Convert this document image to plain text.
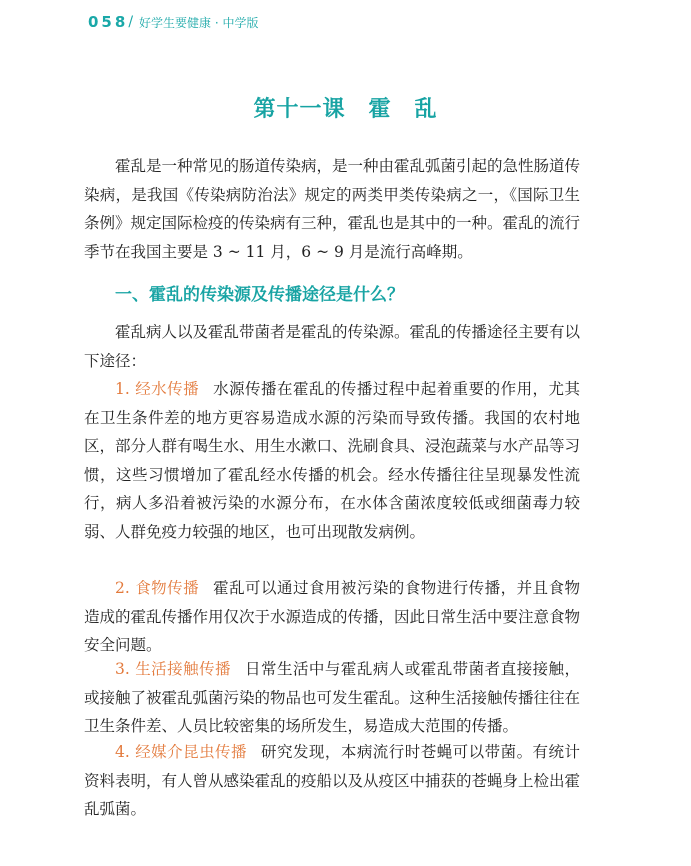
058 / 好学生要健康 · 中学版
第十一课　霍　乱

霍乱是一种常见的肠道传染病，是一种由霍乱弧菌引起的急性肠道传染病，是我国《传染病防治法》规定的两类甲类传染病之一，《国际卫生条例》规定国际检疫的传染病有三种，霍乱也是其中的一种。霍乱的流行季节在我国主要是 3 ~ 11 月，6 ~ 9 月是流行高峰期。

一、霍乱的传染源及传播途径是什么？

霍乱病人以及霍乱带菌者是霍乱的传染源。霍乱的传播途径主要有以下途径：

1. 经水传播 水源传播在霍乱的传播过程中起着重要的作用，尤其在卫生条件差的地方更容易造成水源的污染而导致传播。我国的农村地区，部分人群有喝生水、用生水漱口、洗刷食具、浸泡蔬菜与水产品等习惯，这些习惯增加了霍乱经水传播的机会。经水传播往往呈现暴发性流行，病人多沿着被污染的水源分布，在水体含菌浓度较低或细菌毒力较弱、人群免疫力较强的地区，也可出现散发病例。

2. 食物传播 霍乱可以通过食用被污染的食物进行传播，并且食物造成的霍乱传播作用仅次于水源造成的传播，因此日常生活中要注意食物安全问题。

3. 生活接触传播 日常生活中与霍乱病人或霍乱带菌者直接接触，或接触了被霍乱弧菌污染的物品也可发生霍乱。这种生活接触传播往往在卫生条件差、人员比较密集的场所发生，易造成大范围的传播。

4. 经媒介昆虫传播 研究发现，本病流行时苍蝇可以带菌。有统计资料表明，有人曾从感染霍乱的疫船以及从疫区中捕获的苍蝇身上检出霍乱弧菌。
